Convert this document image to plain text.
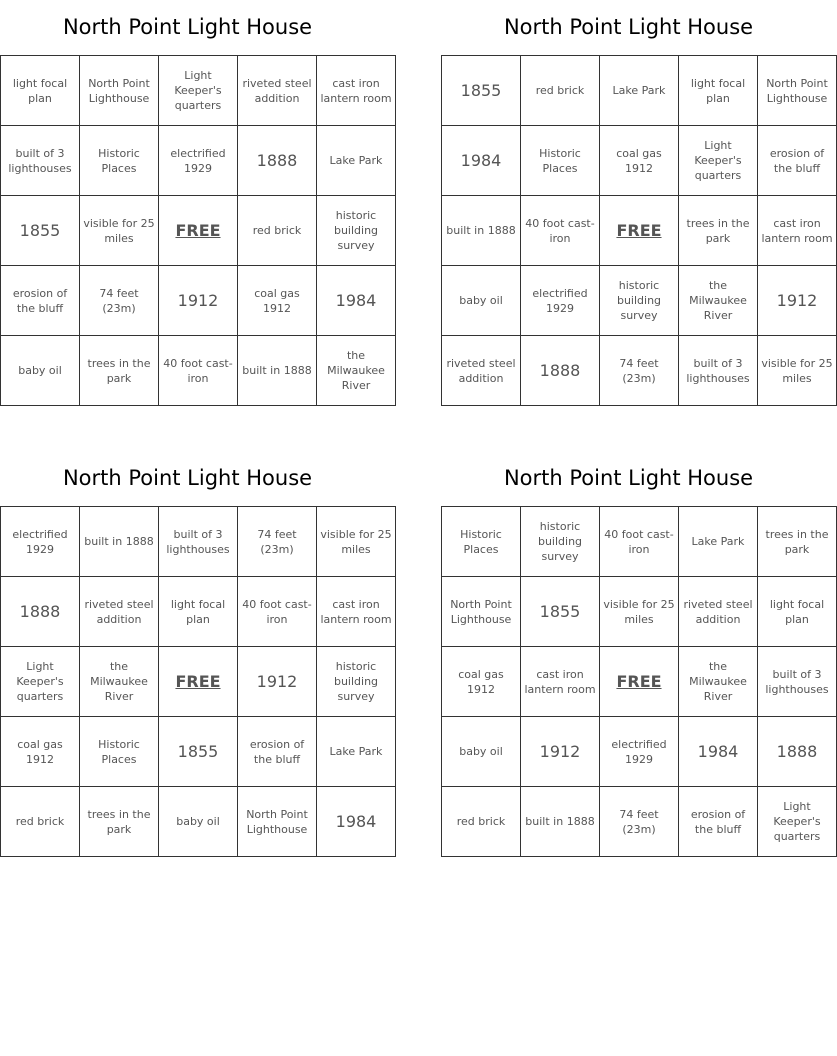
North Point Light House
light focal plan	North Point Lighthouse	Light Keeper's quarters	riveted steel addition	cast iron lantern room
built of 3 lighthouses	Historic Places	electrified 1929	1888	Lake Park
1855	visible for 25 miles	FREE	red brick	historic building survey
erosion of the bluff	74 feet (23m)	1912	coal gas 1912	1984
baby oil	trees in the park	40 foot cast-iron	built in 1888	the Milwaukee River
North Point Light House
1855	red brick	Lake Park	light focal plan	North Point Lighthouse
1984	Historic Places	coal gas 1912	Light Keeper's quarters	erosion of the bluff
built in 1888	40 foot cast-iron	FREE	trees in the park	cast iron lantern room
baby oil	electrified 1929	historic building survey	the Milwaukee River	1912
riveted steel addition	1888	74 feet (23m)	built of 3 lighthouses	visible for 25 miles
North Point Light House
electrified 1929	built in 1888	built of 3 lighthouses	74 feet (23m)	visible for 25 miles
1888	riveted steel addition	light focal plan	40 foot cast-iron	cast iron lantern room
Light Keeper's quarters	the Milwaukee River	FREE	1912	historic building survey
coal gas 1912	Historic Places	1855	erosion of the bluff	Lake Park
red brick	trees in the park	baby oil	North Point Lighthouse	1984
North Point Light House
Historic Places	historic building survey	40 foot cast-iron	Lake Park	trees in the park
North Point Lighthouse	1855	visible for 25 miles	riveted steel addition	light focal plan
coal gas 1912	cast iron lantern room	FREE	the Milwaukee River	built of 3 lighthouses
baby oil	1912	electrified 1929	1984	1888
red brick	built in 1888	74 feet (23m)	erosion of the bluff	Light Keeper's quarters
